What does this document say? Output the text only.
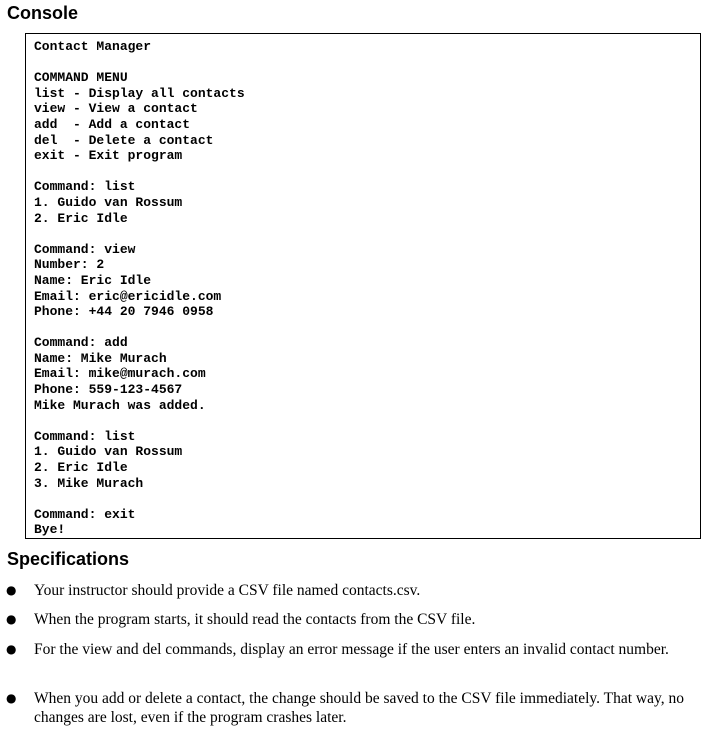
Console
Contact Manager
COMMAND MENU
list - Display all contacts
view - View a contact
add  - Add a contact
del  - Delete a contact
exit - Exit program
Command: list
1. Guido van Rossum
2. Eric Idle
Command: view
Number: 2
Name: Eric Idle
Email: eric@ericidle.com
Phone: +44 20 7946 0958
Command: add
Name: Mike Murach
Email: mike@murach.com
Phone: 559-123-4567
Mike Murach was added.
Command: list
1. Guido van Rossum
2. Eric Idle
3. Mike Murach
Command: exit
Bye!
Specifications
● Your instructor should provide a CSV file named contacts.csv.
● When the program starts, it should read the contacts from the CSV file.
● For the view and del commands, display an error message if the user enters an invalid contact number.
● When you add or delete a contact, the change should be saved to the CSV file immediately. That way, no changes are lost, even if the program crashes later.
